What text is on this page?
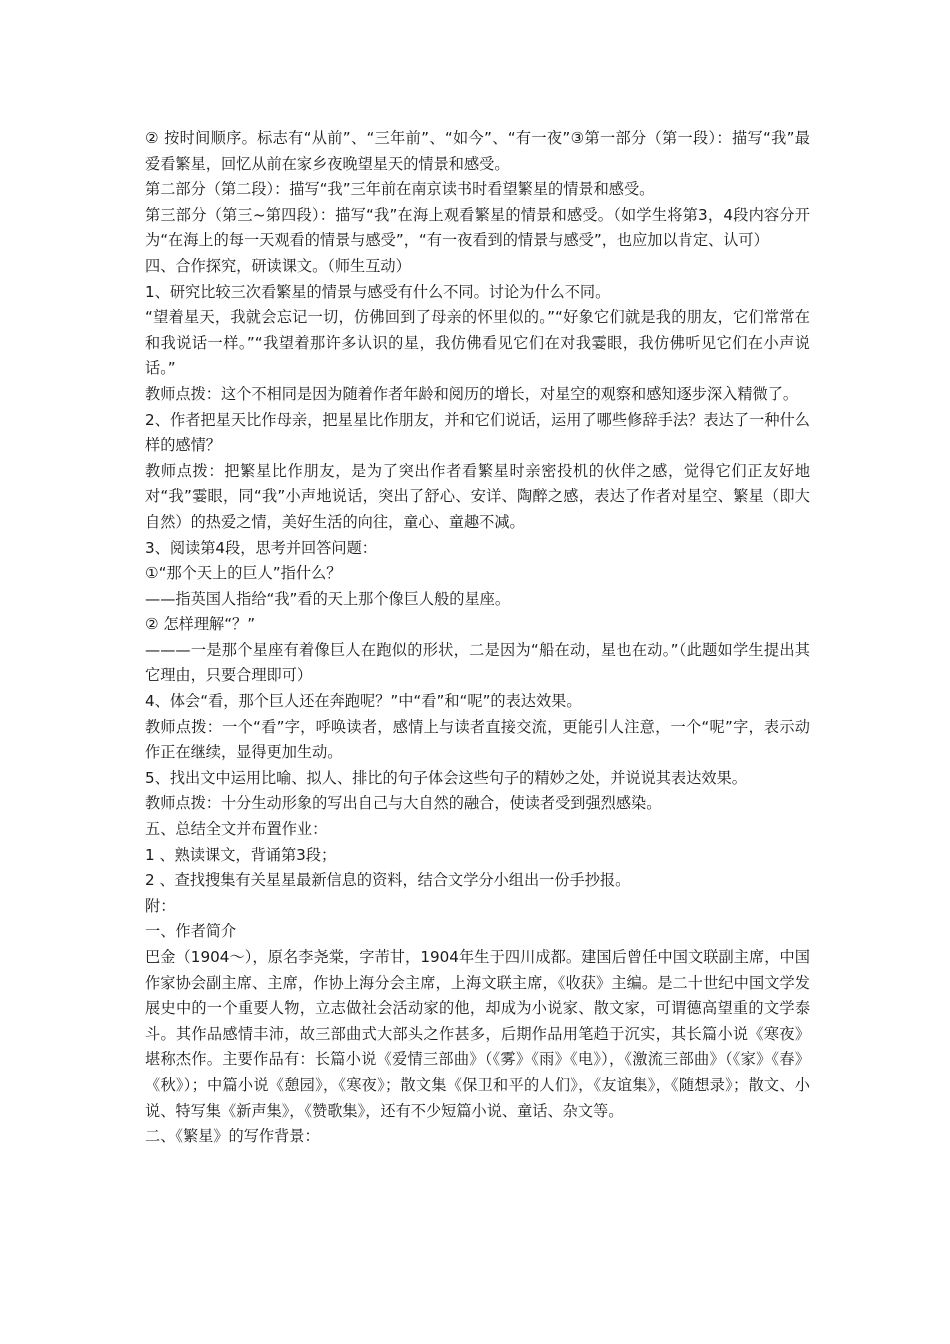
② 按时间顺序。标志有“从前”、“三年前”、“如今”、“有一夜”③第一部分（第一段）：描写“我”最爱看繁星，回忆从前在家乡夜晚望星天的情景和感受。

第二部分（第二段）：描写“我”三年前在南京读书时看望繁星的情景和感受。

第三部分（第三~第四段）：描写“我”在海上观看繁星的情景和感受。（如学生将第3，4段内容分开为“在海上的每一天观看的情景与感受”，“有一夜看到的情景与感受”，也应加以肯定、认可）

四、合作探究，研读课文。（师生互动）

1、研究比较三次看繁星的情景与感受有什么不同。讨论为什么不同。

“望着星天，我就会忘记一切，仿佛回到了母亲的怀里似的。”“好象它们就是我的朋友，它们常常在和我说话一样。”“我望着那许多认识的星，我仿佛看见它们在对我霎眼，我仿佛听见它们在小声说话。”

教师点拨：这个不相同是因为随着作者年龄和阅历的增长，对星空的观察和感知逐步深入精微了。

2、作者把星天比作母亲，把星星比作朋友，并和它们说话，运用了哪些修辞手法？表达了一种什么样的感情？

教师点拨：把繁星比作朋友，是为了突出作者看繁星时亲密投机的伙伴之感，觉得它们正友好地对“我”霎眼，同“我”小声地说话，突出了舒心、安详、陶醉之感，表达了作者对星空、繁星（即大自然）的热爱之情，美好生活的向往，童心、童趣不减。

3、阅读第4段，思考并回答问题：

①“那个天上的巨人”指什么？

——指英国人指给“我”看的天上那个像巨人般的星座。

② 怎样理解“？”

———一是那个星座有着像巨人在跑似的形状，二是因为“船在动，星也在动。”（此题如学生提出其它理由，只要合理即可）

4、体会“看，那个巨人还在奔跑呢？”中“看”和“呢”的表达效果。

教师点拨：一个“看”字，呼唤读者，感情上与读者直接交流，更能引人注意，一个“呢”字，表示动作正在继续，显得更加生动。

5、找出文中运用比喻、拟人、排比的句子体会这些句子的精妙之处，并说说其表达效果。

教师点拨：十分生动形象的写出自己与大自然的融合，使读者受到强烈感染。

五、总结全文并布置作业：

1 、熟读课文，背诵第3段；

2 、查找搜集有关星星最新信息的资料，结合文学分小组出一份手抄报。

附：

一、作者简介

巴金（1904～），原名李尧棠，字芾甘，1904年生于四川成都。建国后曾任中国文联副主席，中国作家协会副主席、主席，作协上海分会主席，上海文联主席，《收获》主编。是二十世纪中国文学发展史中的一个重要人物，立志做社会活动家的他，却成为小说家、散文家，可谓德高望重的文学泰斗。其作品感情丰沛，故三部曲式大部头之作甚多，后期作品用笔趋于沉实，其长篇小说《寒夜》堪称杰作。主要作品有：长篇小说《爱情三部曲》（《雾》《雨》《电》），《激流三部曲》（《家》《春》《秋》）；中篇小说《憩园》，《寒夜》；散文集《保卫和平的人们》，《友谊集》，《随想录》；散文、小说、特写集《新声集》，《赞歌集》，还有不少短篇小说、童话、杂文等。

二、《繁星》的写作背景：
